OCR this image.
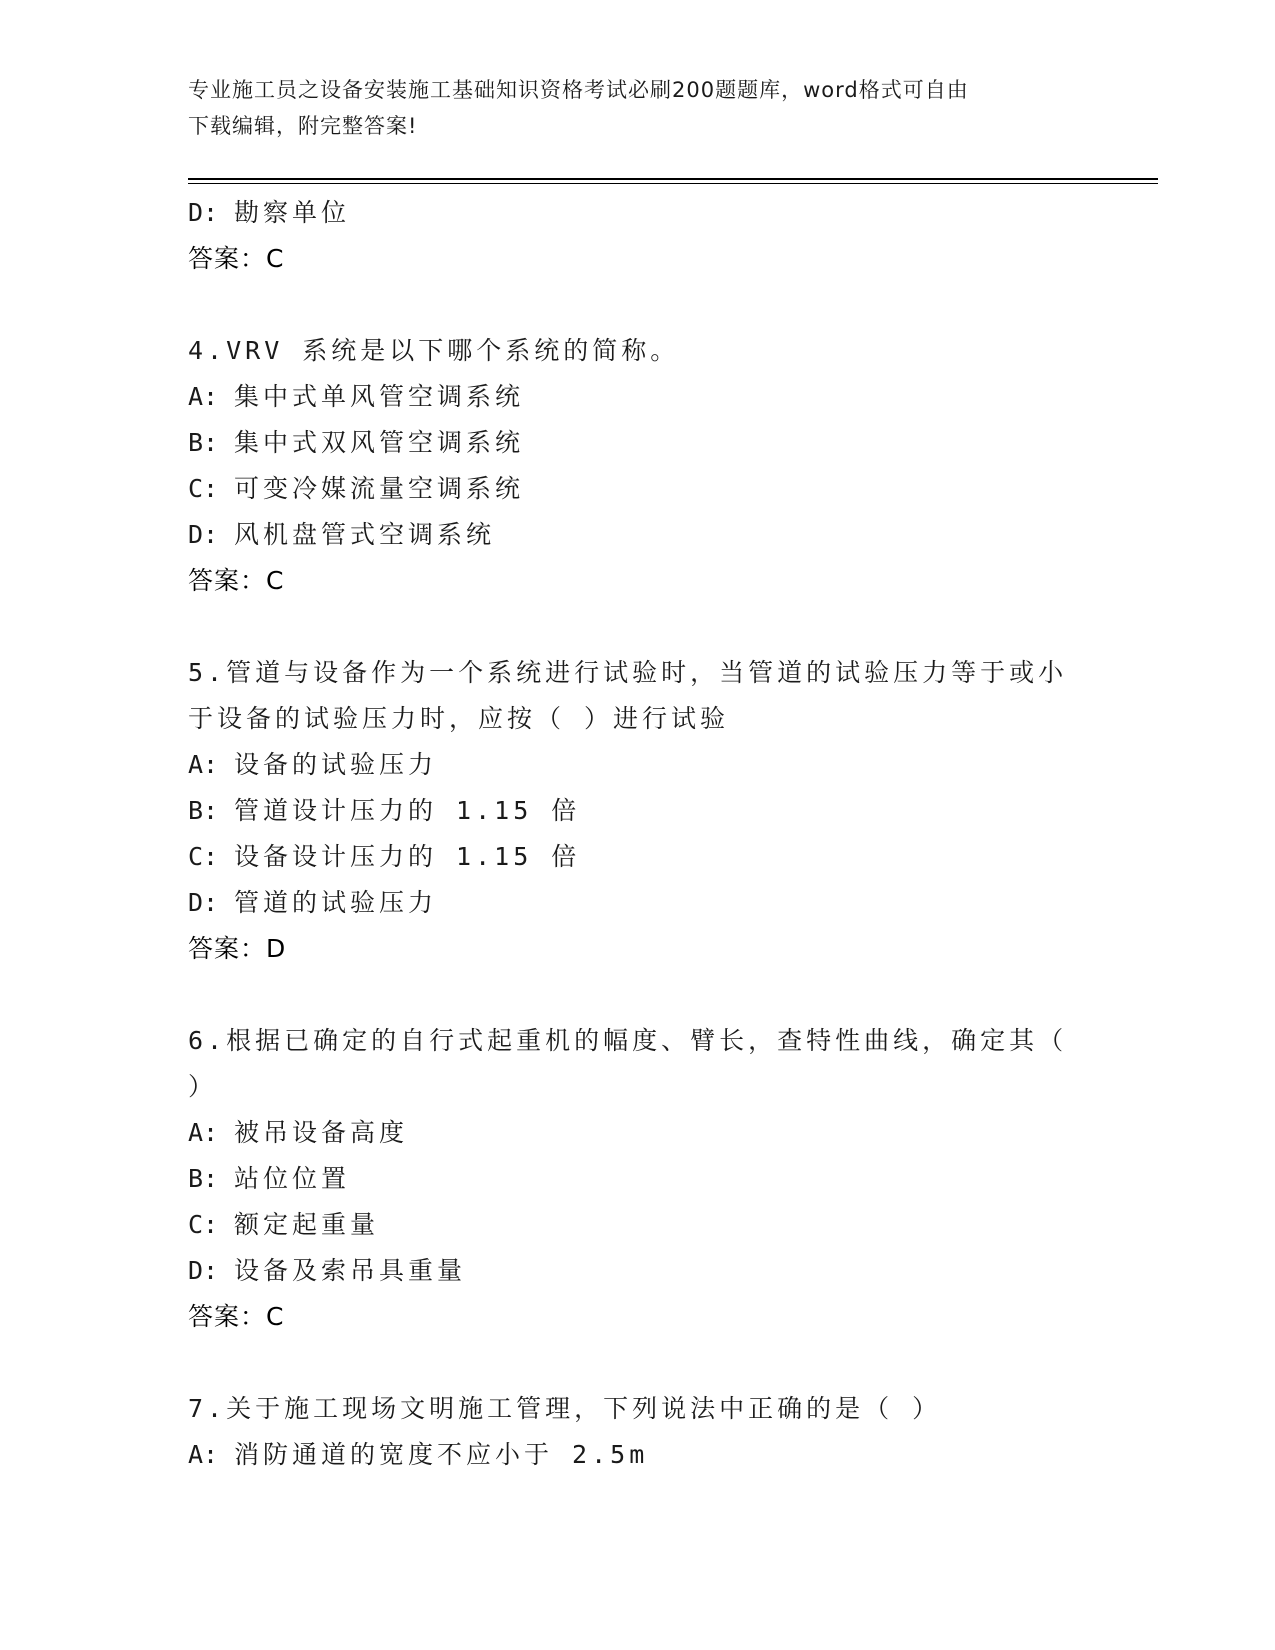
专业施工员之设备安装施工基础知识资格考试必刷200题题库，word格式可自由
下载编辑，附完整答案!
D: 勘察单位
答案：C
4.VRV 系统是以下哪个系统的简称。
A: 集中式单风管空调系统
B: 集中式双风管空调系统
C: 可变冷媒流量空调系统
D: 风机盘管式空调系统
答案：C
5.管道与设备作为一个系统进行试验时，当管道的试验压力等于或小
于设备的试验压力时，应按（ ）进行试验
A: 设备的试验压力
B: 管道设计压力的 1.15 倍
C: 设备设计压力的 1.15 倍
D: 管道的试验压力
答案：D
6.根据已确定的自行式起重机的幅度、臂长，查特性曲线，确定其（
）
A: 被吊设备高度
B: 站位位置
C: 额定起重量
D: 设备及索吊具重量
答案：C
7.关于施工现场文明施工管理，下列说法中正确的是（ ）
A: 消防通道的宽度不应小于 2.5m
